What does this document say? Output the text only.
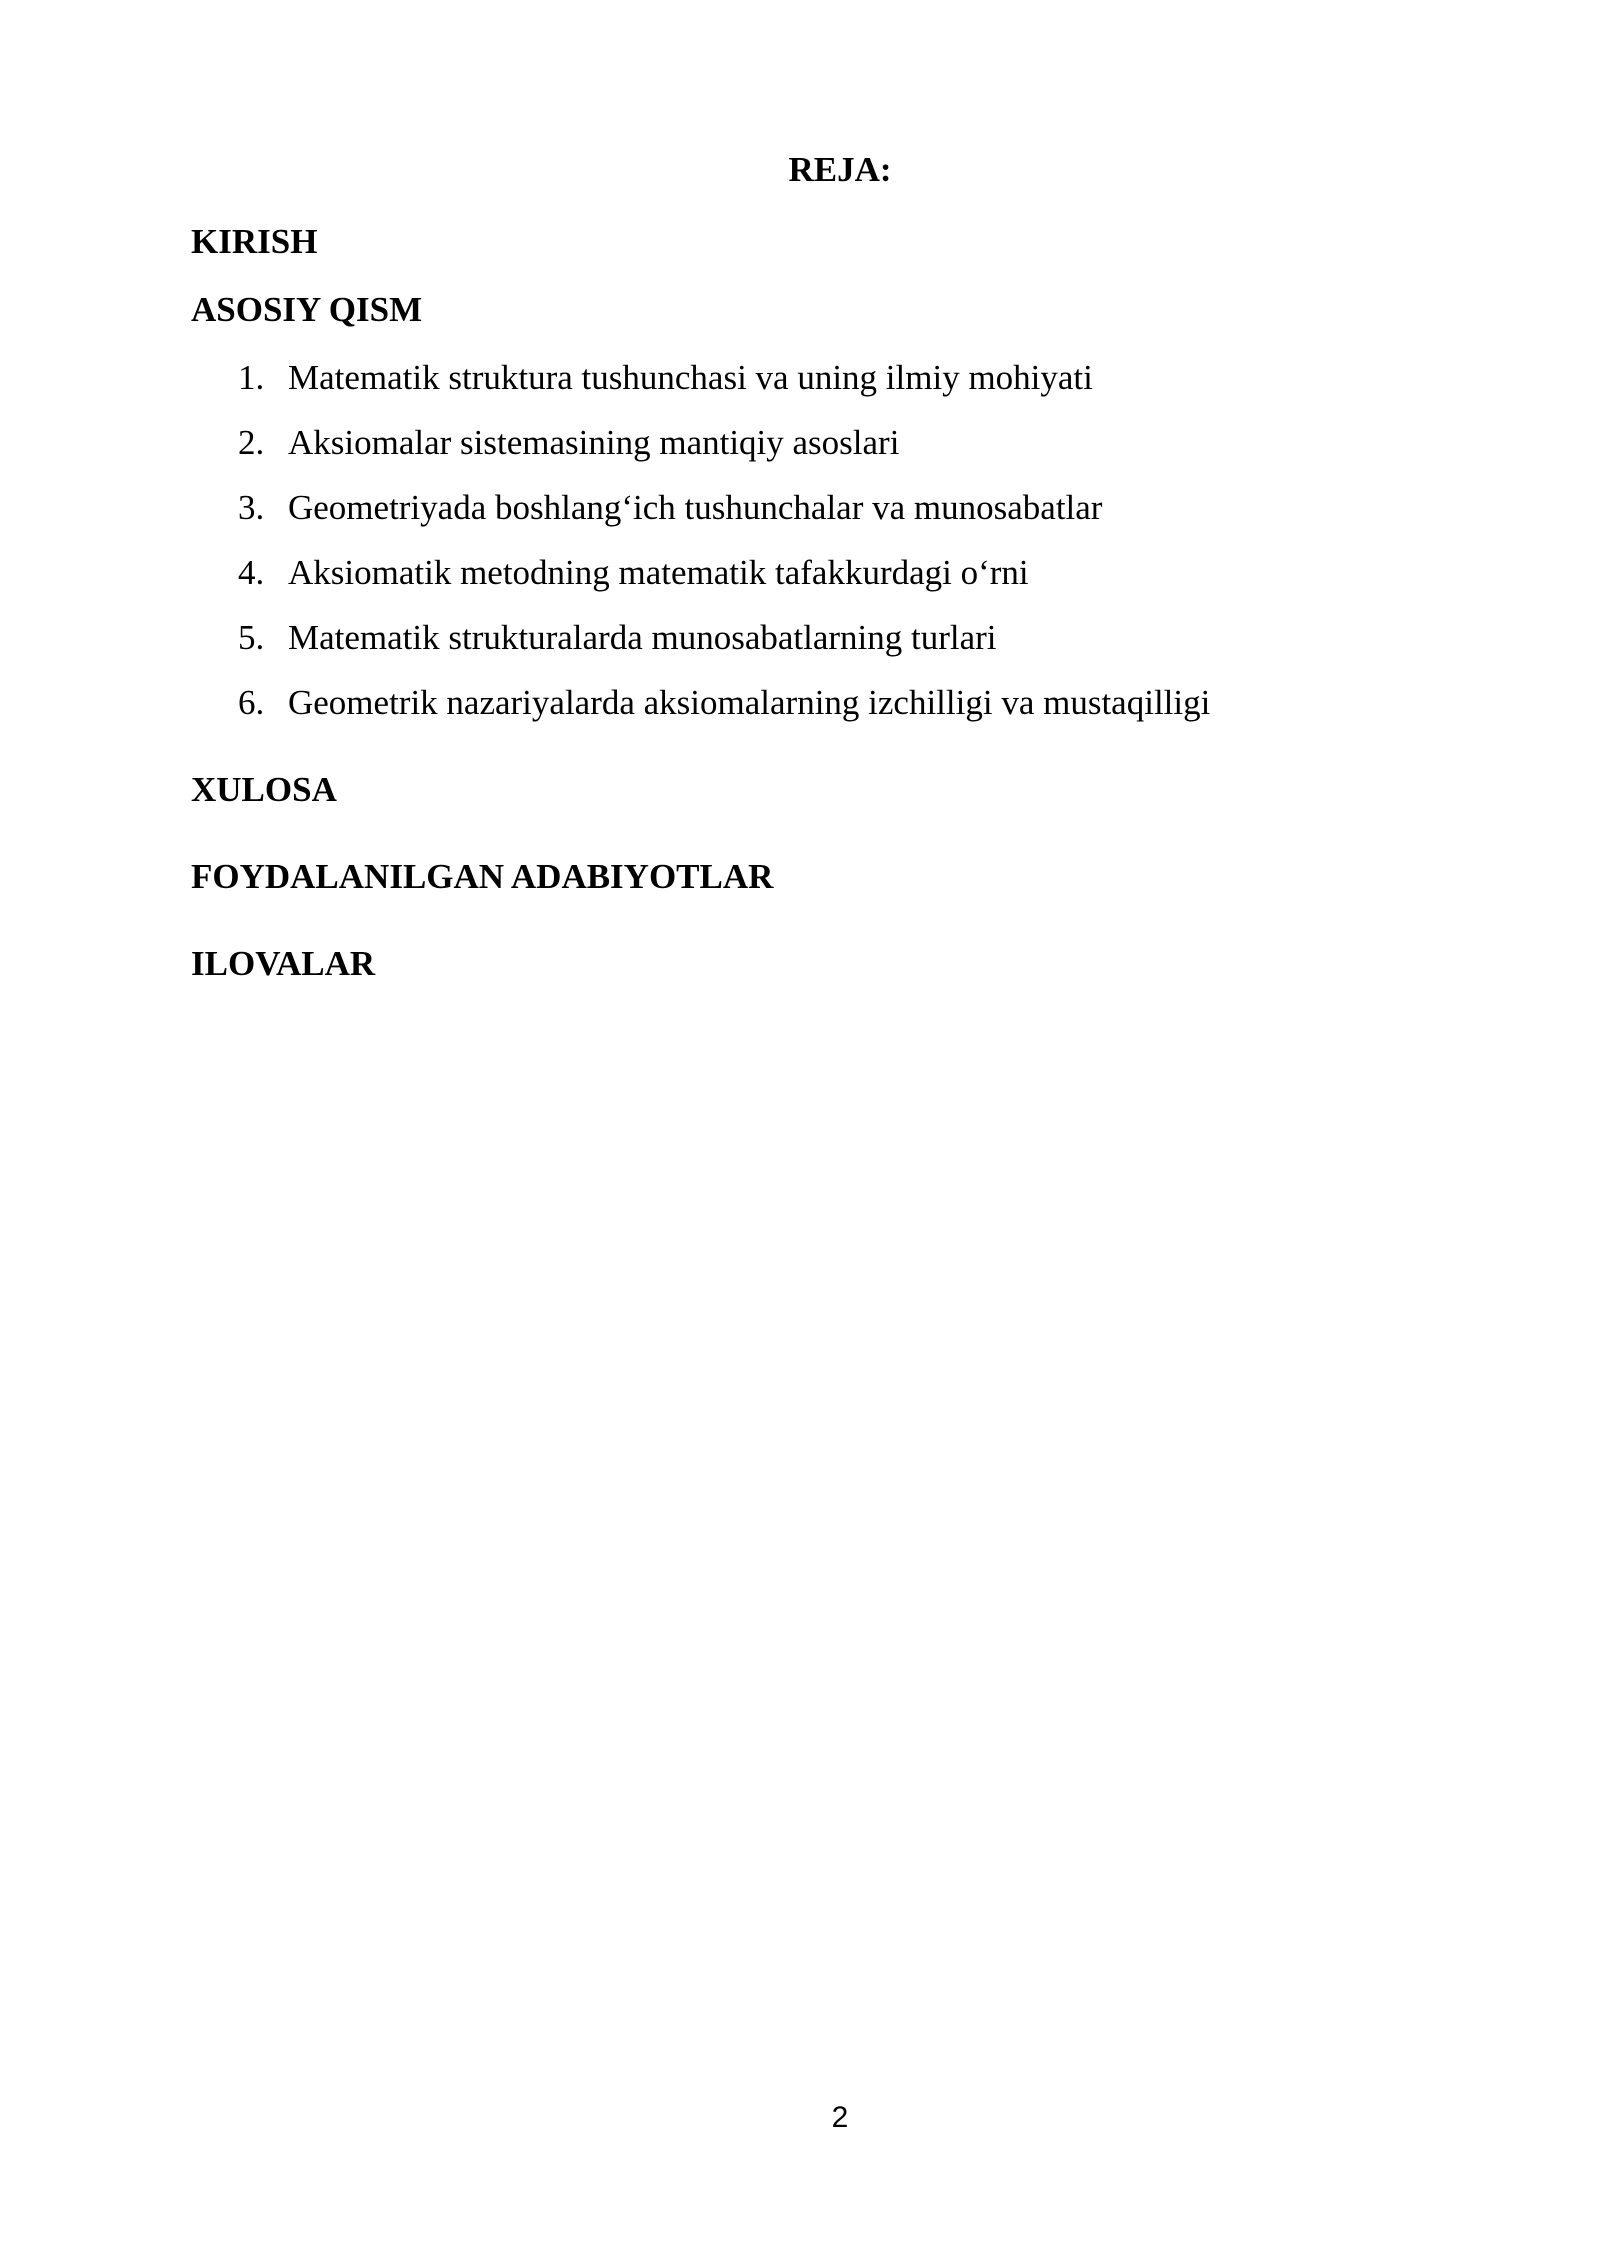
REJA:
KIRISH
ASOSIY QISM
1. Matematik struktura tushunchasi va uning ilmiy mohiyati
2. Aksiomalar sistemasining mantiqiy asoslari
3. Geometriyada boshlang‘ich tushunchalar va munosabatlar
4. Aksiomatik metodning matematik tafakkurdagi o‘rni
5. Matematik strukturalarda munosabatlarning turlari
6. Geometrik nazariyalarda aksiomalarning izchilligi va mustaqilligi
XULOSA
FOYDALANILGAN ADABIYOTLAR
ILOVALAR
2
